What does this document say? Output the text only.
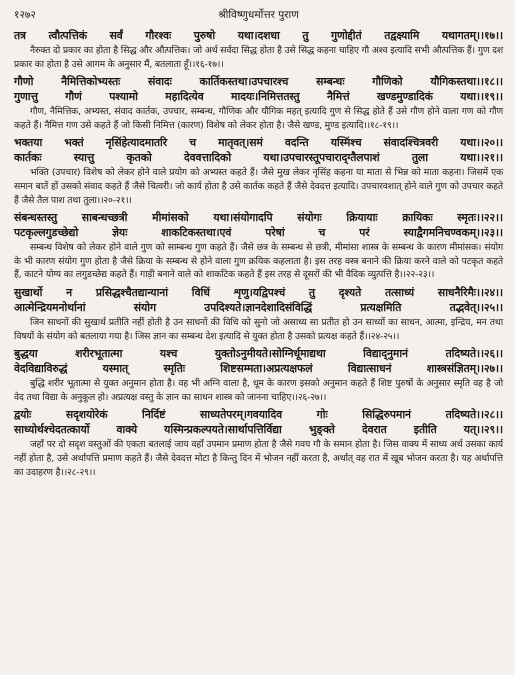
१२७२	श्रीविष्णुधर्मोत्तर पुराण
तत्र त्वौत्पत्तिकं सर्वं गौरश्वः पुरुषो यथा।दशधा तु गुणोद्दीतं तद्वक्ष्यामि यथागतम्।।१७।।
नैरुक्त दो प्रकार का होता है सिद्ध और औत्पत्तिक। जो अर्थ सर्वदा सिद्ध होता है उसे सिद्ध कहना चाहिए गौ अश्व इत्यादि सभी औत्पत्तिक हैं। गुण दश प्रकार का होता है उसे आगम के अनुसार मैं, बतलाता हूँ।।१६-१७।।
गौणो नैमित्तिकोभ्यस्तः संवादः कार्तिकस्तथा।उपचारश्च सम्बन्धः गौणिको यौगिकस्तथा।।१८।।
गुणात्तु गौणं पश्यामो महादित्येव मादयः।निमित्ततस्तु नैमित्तं खण्डमुण्डादिकं यथा।।१९।।
गौण, नैमित्तिक, अभ्यस्त, संवाद कार्तक, उपचार, सम्बन्ध, गौणिक और यौगिक महत् इत्यादि गुण से सिद्ध होते हैं उसे गौण होने वाला गण को गौण कहते हैं। नैमित्त गण उसे कहते हैं जो किसी निमित्त (कारण) विशेष को लेकर होता है। जैसे खण्ड, मुण्ड इत्यादि।।१८-१९।।
भक्तया भक्तं नृसिंहेत्यादमातरि च मातृवत्।समं वदन्ति यस्मिंश्च संवादश्चित्रवरी यथा।।२०।।
कार्तकः स्यात्तु कृतको देववत्तादिको यथा।उपचारस्तूपचाराद्ग्तैलपाशं तुला यथा।।२१।।
भक्ति (उपचार) विशेष को लेकर होने वाले प्रयोग को अभ्यस्त कहते हैं। जैसे मुख लेकर नृसिंह कहना या माता से भिन्न को माता कहना। जिसमें एक समान बातें हों उसको संवाद कहते हैं जैसे चित्वरी। जो कार्य होता है उसे कार्तक कहते हैं जैसे देवदत्त इत्यादि। उपचारवशात् होने वाले गुण को उपचार कहते हैं जैसे तैल पाश तथा तुला।।२०-२१।।
संबन्धस्तस्तु साबन्धच्छत्री मीमांसको यथा।संयोगादपि संयोगः क्रियायाः क्रायिकः स्मृतः।।२२।।
पटकृल्लगुडच्छेद्यो ज्ञेयः शाकटिकस्तथा।एवं परेषां च परं स्याद्वैगमनिचण्वकम्।।२३।।
सम्बन्ध विशेष को लेकर होने वाले गुण को साम्बन्ध गुण कहते हैं। जैसे छत्र के सम्बन्ध से छत्री, मीमांसा शास्त्र के सम्बन्ध के कारण मीमांसक। संयोग के भी कारण संयोग गुण होता है जैसे क्रिया के सम्बन्ध से होने वाला गुण क्रयिक कहलाता है। इस तरह वस्त्र बनाने की क्रिया करने वाले को पटकृत कहते हैं, काटने योग्य का लगुडच्छेद्य कहते हैं। गाड़ी बनाने वाले को शाकटिक कहते हैं इस तरह से दूसरों की भी वैदिक व्युत्पत्ति है।।२२-२३।।
सुखार्थो न प्रसिद्धश्चैतद्यान्यानां विधिं शृणु।यद्विपश्चं तु दृश्यते तत्साध्यं साधनैरिमैः।।२४।।
आत्मेन्द्रियमनोर्थानां संयोग उपदिश्यते।ज्ञानदेशादिसंविद्धिं प्रत्यक्षमिति तद्भवेत्।।२५।।
जिन साधनों की सुखार्थ प्रतीति नहीं होती है उन साधनों की विधि को सुनो जो असाध्य सा प्रतीत हो उन साध्यों का साधन, आत्मा, इन्द्रिय, मन तथा विषयों के संयोग को बतलाया गया है। जिस ज्ञान का सम्बन्ध देश इत्यादि से युक्त होता है उसको प्रत्यक्ष कहते हैं।।२४-२५।।
बुद्धया शरीरभूतात्मा यश्च युक्तोऽनुमीयते।सोग्निर्धूमाद्यथा विद्याद्नुमानं तदिष्यते।।२६।।
वेदविद्याविरुद्धं यस्मात् स्मृतिः शिष्टसम्मता।अप्रत्यक्षफलं विद्यात्साधनं शास्त्रसंज्ञितम्।।२७।।
बुद्धि शरीर भूतात्मा से युक्त अनुमान होता है। वह भी अग्नि वाला है, धूम के कारण इसको अनुमान कहते हैं शिष्ट पुरुषों के अनुसार स्मृति वह है जो वेद तथा विद्या के अनुकूल हो। अप्रत्यक्ष वस्तु के ज्ञान का साधन शास्त्र को जानना चाहिए।।२६-२७।।
द्वयोः सदृशयोरेकं निर्दिष्टं साध्यतेपरम्।गवयादिव गोः सिद्धिरुपमानं तदिष्यते।।२८।।
साध्योर्थश्चेदतत्कार्यो वाक्ये यस्मिन्प्रकल्पयते।सार्थापत्तिर्विद्या भुङ्क्ते देवरात इतीति यत्।।२९।।
जहाँ पर दो सदृश वस्तुओं की एकता बतलाई जाय वहाँ उपमान प्रमाण होता है जैसे गवय गौ के समान होता है। जिस वाक्य में साध्य अर्थ उसका कार्य नहीं होता है, उसे अर्थापत्ति प्रमाण कहते हैं। जैसे देवदत्त मोटा है किन्तु दिन में भोजन नहीं करता है, अर्थात् वह रात में खूब भोजन करता है। यह अर्थापत्ति का उदाहरण है।।२८-२९।।
